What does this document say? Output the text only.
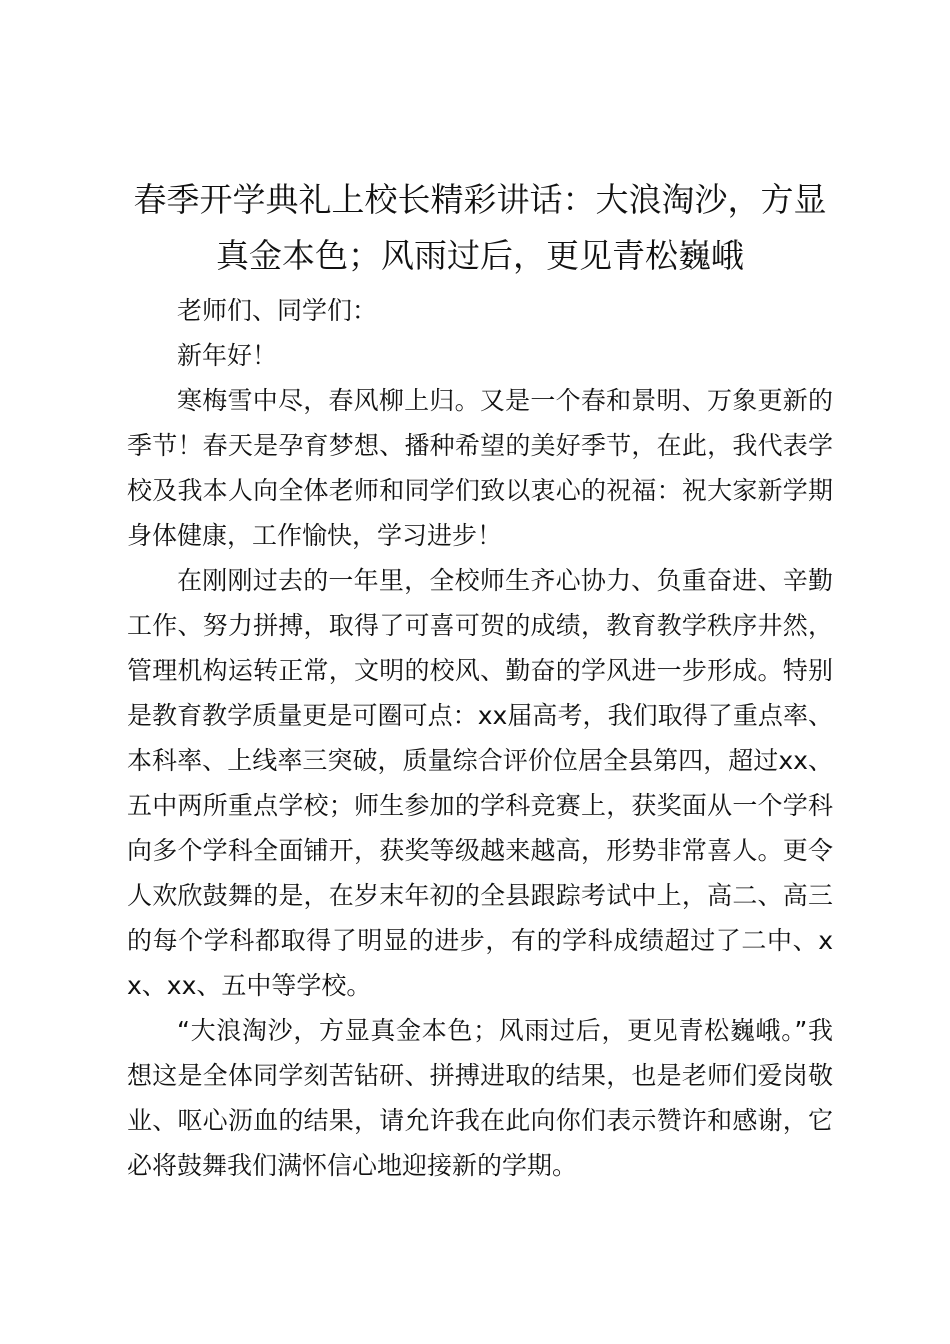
春季开学典礼上校长精彩讲话：大浪淘沙，方显真金本色；风雨过后，更见青松巍峨

老师们、同学们：

新年好！

寒梅雪中尽，春风柳上归。又是一个春和景明、万象更新的季节！春天是孕育梦想、播种希望的美好季节，在此，我代表学校及我本人向全体老师和同学们致以衷心的祝福：祝大家新学期身体健康，工作愉快，学习进步！

在刚刚过去的一年里，全校师生齐心协力、负重奋进、辛勤工作、努力拼搏，取得了可喜可贺的成绩，教育教学秩序井然，管理机构运转正常，文明的校风、勤奋的学风进一步形成。特别是教育教学质量更是可圈可点：xx届高考，我们取得了重点率、本科率、上线率三突破，质量综合评价位居全县第四，超过xx、五中两所重点学校；师生参加的学科竞赛上，获奖面从一个学科向多个学科全面铺开，获奖等级越来越高，形势非常喜人。更令人欢欣鼓舞的是，在岁末年初的全县跟踪考试中上，高二、高三的每个学科都取得了明显的进步，有的学科成绩超过了二中、xx、xx、五中等学校。

“大浪淘沙，方显真金本色；风雨过后，更见青松巍峨。”我想这是全体同学刻苦钻研、拼搏进取的结果，也是老师们爱岗敬业、呕心沥血的结果，请允许我在此向你们表示赞许和感谢，它必将鼓舞我们满怀信心地迎接新的学期。
